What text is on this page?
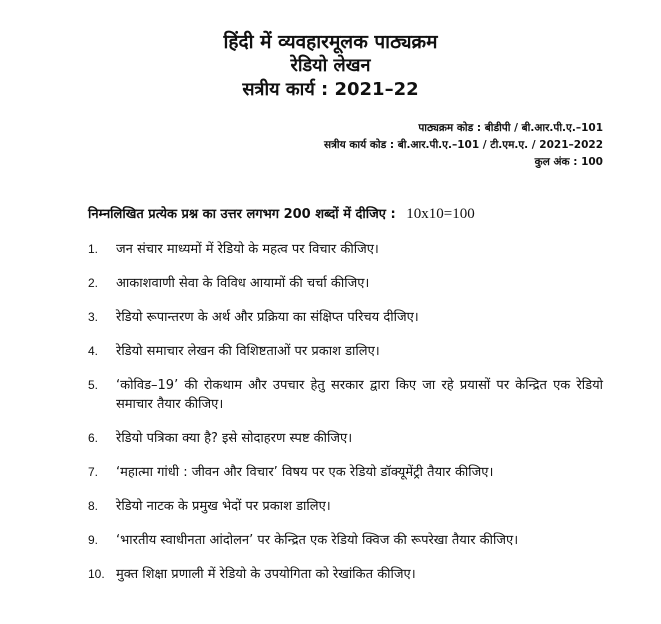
हिंदी में व्यवहारमूलक पाठ्यक्रम
रेडियो लेखन
सत्रीय कार्य : 2021–22
पाठ्यक्रम कोड : बीडीपी / बी.आर.पी.ए.–101
सत्रीय कार्य कोड : बी.आर.पी.ए.–101 / टी.एम.ए. / 2021–2022
कुल अंक : 100
निम्नलिखित प्रत्येक प्रश्न का उत्तर लगभग 200 शब्दों में दीजिए : 10x10=100
1.	जन संचार माध्यमों में रेडियो के महत्व पर विचार कीजिए।
2.	आकाशवाणी सेवा के विविध आयामों की चर्चा कीजिए।
3.	रेडियो रूपान्तरण के अर्थ और प्रक्रिया का संक्षिप्त परिचय दीजिए।
4.	रेडियो समाचार लेखन की विशिष्टताओं पर प्रकाश डालिए।
5.	‘कोविड–19’ की रोकथाम और उपचार हेतु सरकार द्वारा किए जा रहे प्रयासों पर केन्द्रित एक रेडियो समाचार तैयार कीजिए।
6.	रेडियो पत्रिका क्या है? इसे सोदाहरण स्पष्ट कीजिए।
7.	‘महात्मा गांधी : जीवन और विचार’ विषय पर एक रेडियो डॉक्यूमेंट्री तैयार कीजिए।
8.	रेडियो नाटक के प्रमुख भेदों पर प्रकाश डालिए।
9.	‘भारतीय स्वाधीनता आंदोलन’ पर केन्द्रित एक रेडियो क्विज की रूपरेखा तैयार कीजिए।
10. मुक्त शिक्षा प्रणाली में रेडियो के उपयोगिता को रेखांकित कीजिए।
